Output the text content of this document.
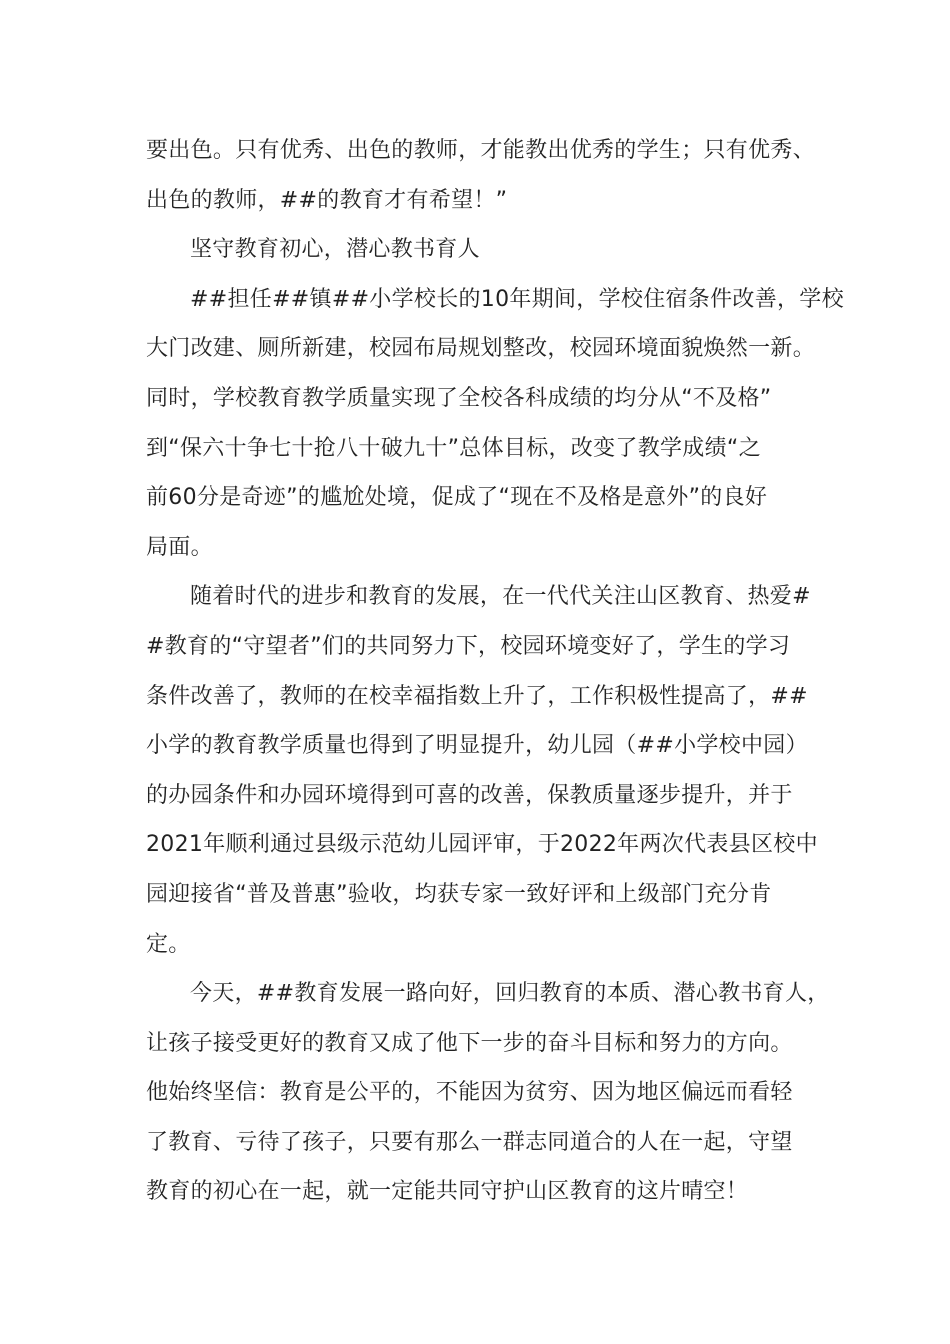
要出色。只有优秀、出色的教师，才能教出优秀的学生；只有优秀、
出色的教师，##的教育才有希望！”
坚守教育初心，潜心教书育人
##担任##镇##小学校长的10年期间，学校住宿条件改善，学校
大门改建、厕所新建，校园布局规划整改，校园环境面貌焕然一新。
同时，学校教育教学质量实现了全校各科成绩的均分从“不及格”
到“保六十争七十抢八十破九十”总体目标，改变了教学成绩“之
前60分是奇迹”的尴尬处境，促成了“现在不及格是意外”的良好
局面。
随着时代的进步和教育的发展，在一代代关注山区教育、热爱#
#教育的“守望者”们的共同努力下，校园环境变好了，学生的学习
条件改善了，教师的在校幸福指数上升了，工作积极性提高了，##
小学的教育教学质量也得到了明显提升，幼儿园（##小学校中园）
的办园条件和办园环境得到可喜的改善，保教质量逐步提升，并于
2021年顺利通过县级示范幼儿园评审，于2022年两次代表县区校中
园迎接省“普及普惠”验收，均获专家一致好评和上级部门充分肯
定。
今天，##教育发展一路向好，回归教育的本质、潜心教书育人，
让孩子接受更好的教育又成了他下一步的奋斗目标和努力的方向。
他始终坚信：教育是公平的，不能因为贫穷、因为地区偏远而看轻
了教育、亏待了孩子，只要有那么一群志同道合的人在一起，守望
教育的初心在一起，就一定能共同守护山区教育的这片晴空！
